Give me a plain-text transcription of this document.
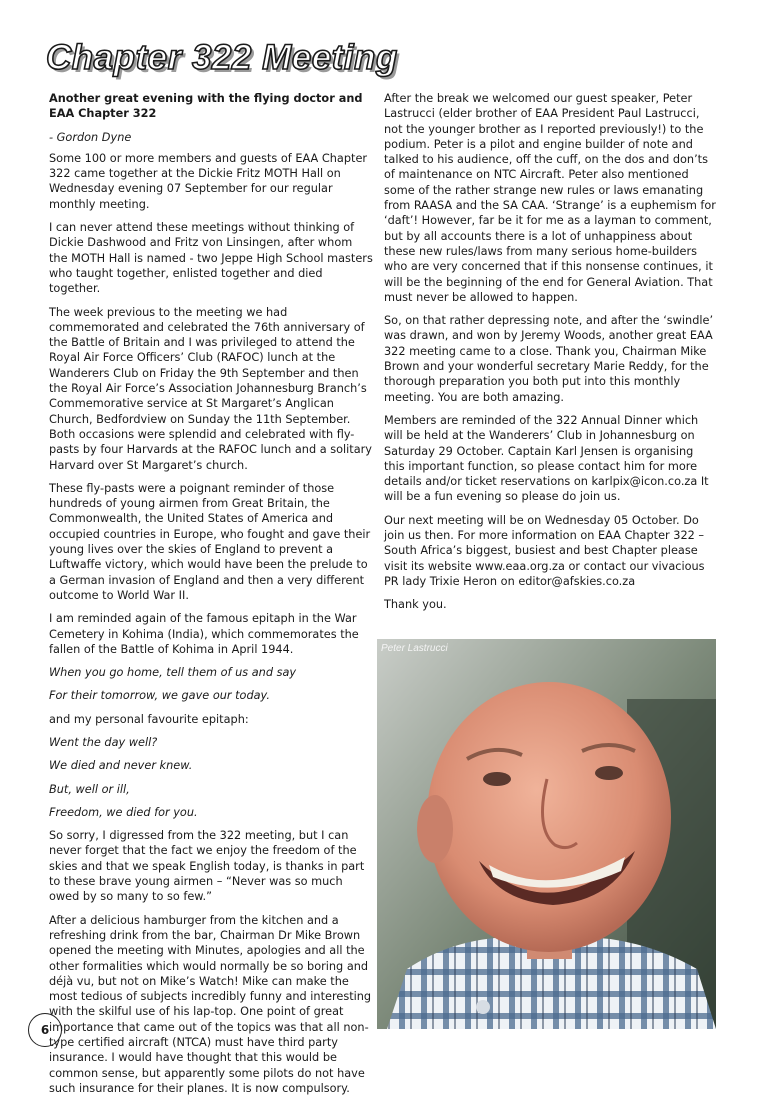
Chapter 322 Meeting
Another great evening with the flying doctor and
EAA Chapter 322
- Gordon Dyne

Some 100 or more members and guests of EAA Chapter 322 came together at the Dickie Fritz MOTH Hall on Wednesday evening 07 September for our regular monthly meeting.

I can never attend these meetings without thinking of Dickie Dashwood and Fritz von Linsingen, after whom the MOTH Hall is named - two Jeppe High School masters who taught together, enlisted together and died together.

The week previous to the meeting we had commemorated and celebrated the 76th anniversary of the Battle of Britain and I was privileged to attend the Royal Air Force Officers’ Club (RAFOC) lunch at the Wanderers Club on Friday the 9th September and then the Royal Air Force’s Association Johannesburg Branch’s Commemorative service at St Margaret’s Anglican Church, Bedfordview on Sunday the 11th September. Both occasions were splendid and celebrated with fly-pasts by four Harvards at the RAFOC lunch and a solitary Harvard over St Margaret’s church.

These fly-pasts were a poignant reminder of those hundreds of young airmen from Great Britain, the Commonwealth, the United States of America and occupied countries in Europe, who fought and gave their young lives over the skies of England to prevent a Luftwaffe victory, which would have been the prelude to a German invasion of England and then a very different outcome to World War II.

I am reminded again of the famous epitaph in the War Cemetery in Kohima (India), which commemorates the fallen of the Battle of Kohima in April 1944.

When you go home, tell them of us and say

For their tomorrow, we gave our today.

and my personal favourite epitaph:

Went the day well?

We died and never knew.

But, well or ill,

Freedom, we died for you.

So sorry, I digressed from the 322 meeting, but I can never forget that the fact we enjoy the freedom of the skies and that we speak English today, is thanks in part to these brave young airmen – “Never was so much owed by so many to so few.”

After a delicious hamburger from the kitchen and a refreshing drink from the bar, Chairman Dr Mike Brown opened the meeting with Minutes, apologies and all the other formalities which would normally be so boring and déjà vu, but not on Mike’s Watch! Mike can make the most tedious of subjects incredibly funny and interesting with the skilful use of his lap-top. One point of great importance that came out of the topics was that all non-type certified aircraft (NTCA) must have third party insurance. I would have thought that this would be common sense, but apparently some pilots do not have such insurance for their planes. It is now compulsory.

After the break we welcomed our guest speaker, Peter Lastrucci (elder brother of EAA President Paul Lastrucci, not the younger brother as I reported previously!) to the podium. Peter is a pilot and engine builder of note and talked to his audience, off the cuff, on the dos and don’ts of maintenance on NTC Aircraft. Peter also mentioned some of the rather strange new rules or laws emanating from RAASA and the SA CAA. ‘Strange’ is a euphemism for ‘daft’! However, far be it for me as a layman to comment, but by all accounts there is a lot of unhappiness about these new rules/laws from many serious home-builders who are very concerned that if this nonsense continues, it will be the beginning of the end for General Aviation. That must never be allowed to happen.

So, on that rather depressing note, and after the ‘swindle’ was drawn, and won by Jeremy Woods, another great EAA 322 meeting came to a close. Thank you, Chairman Mike Brown and your wonderful secretary Marie Reddy, for the thorough preparation you both put into this monthly meeting. You are both amazing.

Members are reminded of the 322 Annual Dinner which will be held at the Wanderers’ Club in Johannesburg on Saturday 29 October. Captain Karl Jensen is organising this important function, so please contact him for more details and/or ticket reservations on karlpix@icon.co.za It will be a fun evening so please do join us.

Our next meeting will be on Wednesday 05 October. Do join us then. For more information on EAA Chapter 322 – South Africa’s biggest, busiest and best Chapter please visit its website www.eaa.org.za or contact our vivacious PR lady Trixie Heron on editor@afskies.co.za

Thank you.

Peter Lastrucci
6
